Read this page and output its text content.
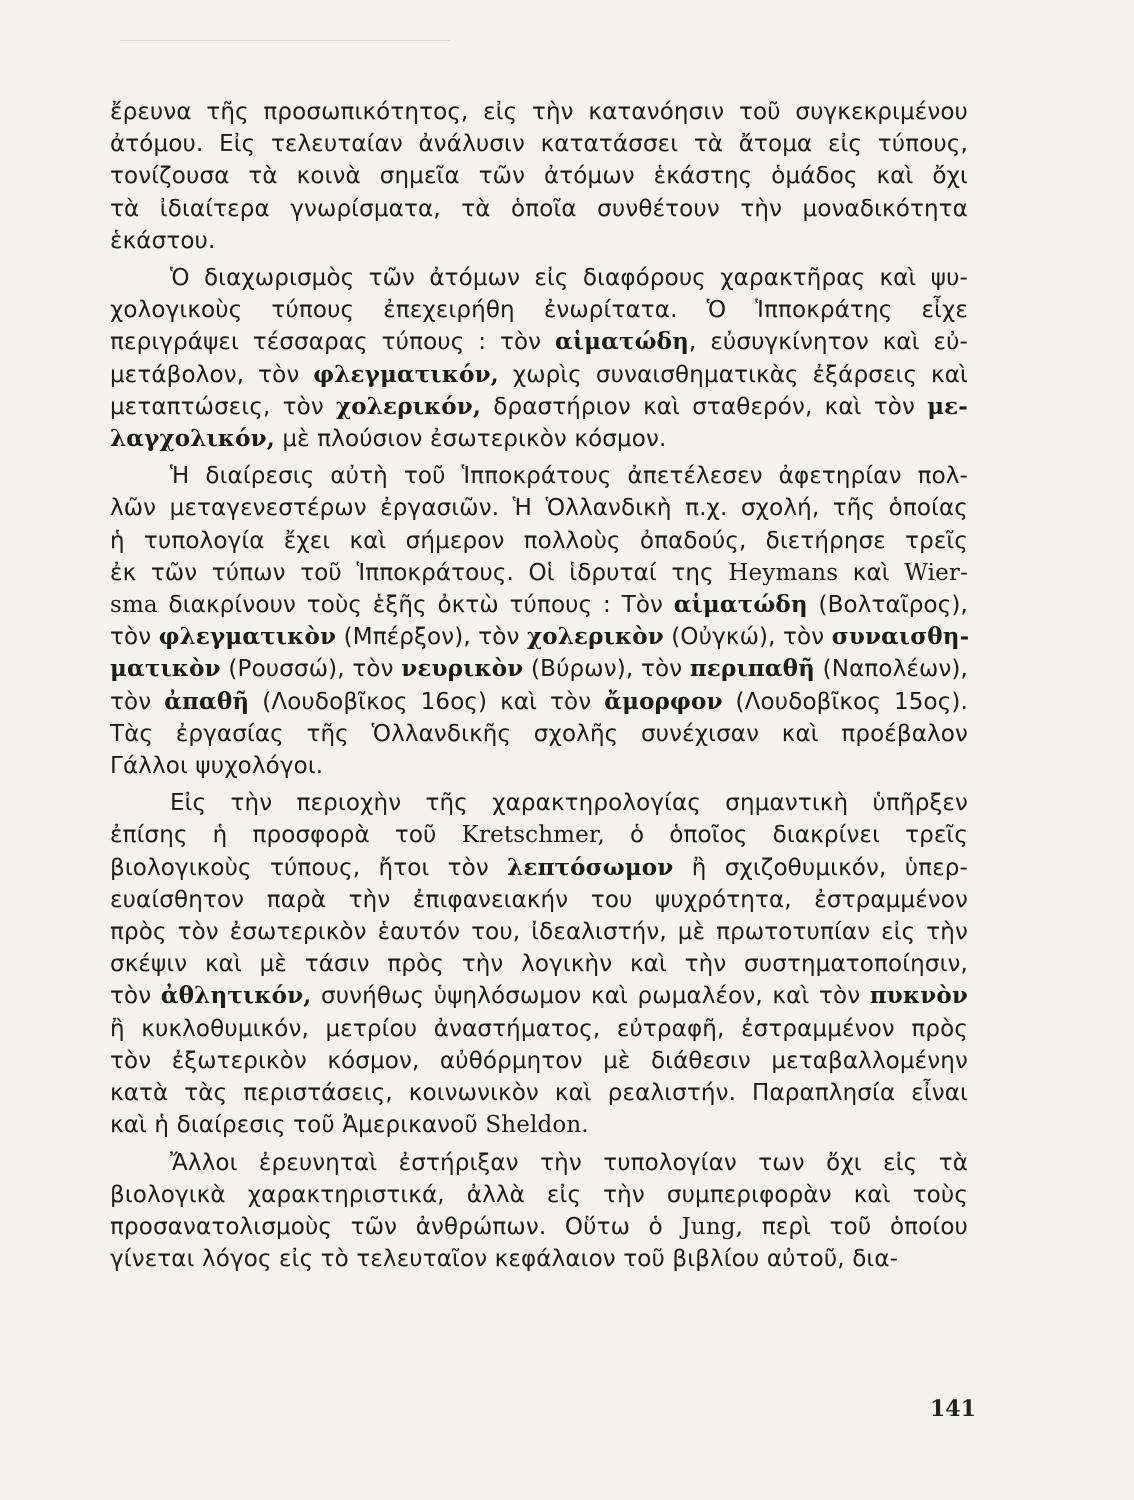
ἔρευνα τῆς προσωπικότητος, εἰς τὴν κατανόησιν τοῦ συγκεκριμένου
ἀτόμου. Εἰς τελευταίαν ἀνάλυσιν κατατάσσει τὰ ἄτομα εἰς τύπους,
τονίζουσα τὰ κοινὰ σημεῖα τῶν ἀτόμων ἑκάστης ὁμάδος καὶ ὄχι
τὰ ἰδιαίτερα γνωρίσματα, τὰ ὁποῖα συνθέτουν τὴν μοναδικότητα
ἑκάστου.
Ὁ διαχωρισμὸς τῶν ἀτόμων εἰς διαφόρους χαρακτῆρας καὶ ψυ-
χολογικοὺς τύπους ἐπεχειρήθη ἐνωρίτατα. Ὁ Ἱπποκράτης εἶχε
περιγράψει τέσσαρας τύπους : τὸν αἱματώδη, εὐσυγκίνητον καὶ εὐ-
μετάβολον, τὸν φλεγματικόν, χωρὶς συναισθηματικὰς ἐξάρσεις καὶ
μεταπτώσεις, τὸν χολερικόν, δραστήριον καὶ σταθερόν, καὶ τὸν με-
λαγχολικόν, μὲ πλούσιον ἐσωτερικὸν κόσμον.
Ἡ διαίρεσις αὐτὴ τοῦ Ἱπποκράτους ἀπετέλεσεν ἀφετηρίαν πολ-
λῶν μεταγενεστέρων ἐργασιῶν. Ἡ Ὁλλανδικὴ π.χ. σχολή, τῆς ὁποίας
ἡ τυπολογία ἔχει καὶ σήμερον πολλοὺς ὀπαδούς, διετήρησε τρεῖς
ἐκ τῶν τύπων τοῦ Ἱπποκράτους. Οἱ ἱδρυταί της Heymans καὶ Wier-
sma διακρίνουν τοὺς ἑξῆς ὀκτὼ τύπους : Τὸν αἱματώδη (Βολταῖρος),
τὸν φλεγματικὸν (Μπέρξον), τὸν χολερικὸν (Οὐγκώ), τὸν συναισθη-
ματικὸν (Ρουσσώ), τὸν νευρικὸν (Βύρων), τὸν περιπαθῆ (Ναπολέων),
τὸν ἀπαθῆ (Λουδοβῖκος 16ος) καὶ τὸν ἄμορφον (Λουδοβῖκος 15ος).
Τὰς ἐργασίας τῆς Ὁλλανδικῆς σχολῆς συνέχισαν καὶ προέβαλον
Γάλλοι ψυχολόγοι.
Εἰς τὴν περιοχὴν τῆς χαρακτηρολογίας σημαντικὴ ὑπῆρξεν
ἐπίσης ἡ προσφορὰ τοῦ Kretschmer, ὁ ὁποῖος διακρίνει τρεῖς
βιολογικοὺς τύπους, ἤτοι τὸν λεπτόσωμον ἢ σχιζοθυμικόν, ὑπερ-
ευαίσθητον παρὰ τὴν ἐπιφανειακήν του ψυχρότητα, ἐστραμμένον
πρὸς τὸν ἐσωτερικὸν ἑαυτόν του, ἰδεαλιστήν, μὲ πρωτοτυπίαν εἰς τὴν
σκέψιν καὶ μὲ τάσιν πρὸς τὴν λογικὴν καὶ τὴν συστηματοποίησιν,
τὸν ἀθλητικόν, συνήθως ὑψηλόσωμον καὶ ρωμαλέον, καὶ τὸν πυκνὸν
ἢ κυκλοθυμικόν, μετρίου ἀναστήματος, εὐτραφῆ, ἐστραμμένον πρὸς
τὸν ἐξωτερικὸν κόσμον, αὐθόρμητον μὲ διάθεσιν μεταβαλλομένην
κατὰ τὰς περιστάσεις, κοινωνικὸν καὶ ρεαλιστήν. Παραπλησία εἶναι
καὶ ἡ διαίρεσις τοῦ Ἀμερικανοῦ Sheldon.
Ἄλλοι ἐρευνηταὶ ἐστήριξαν τὴν τυπολογίαν των ὄχι εἰς τὰ
βιολογικὰ χαρακτηριστικά, ἀλλὰ εἰς τὴν συμπεριφορὰν καὶ τοὺς
προσανατολισμοὺς τῶν ἀνθρώπων. Οὕτω ὁ Jung, περὶ τοῦ ὁποίου
γίνεται λόγος εἰς τὸ τελευταῖον κεφάλαιον τοῦ βιβλίου αὐτοῦ, δια-
141
